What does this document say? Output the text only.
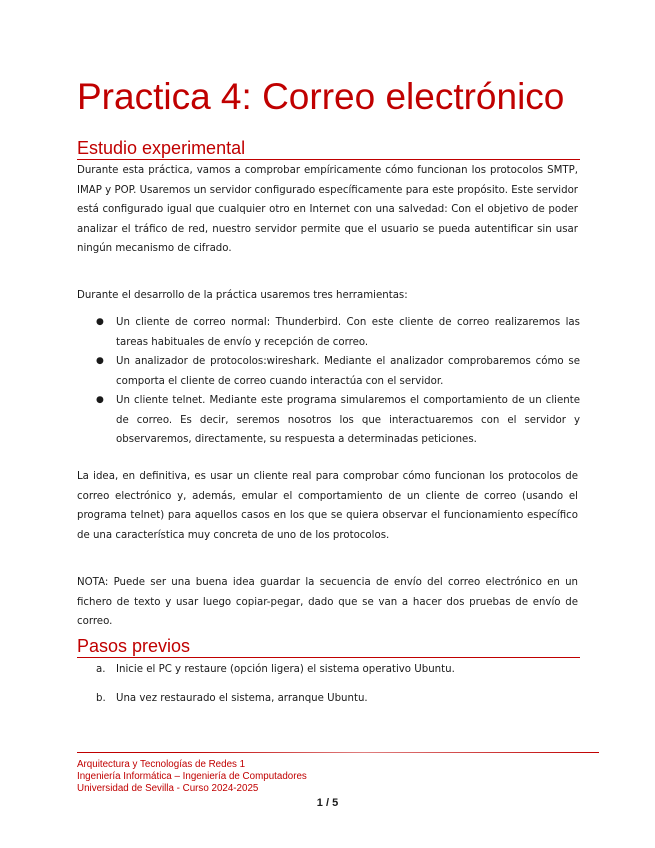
Practica 4: Correo electrónico
Estudio experimental

Durante esta práctica, vamos a comprobar empíricamente cómo funcionan los protocolos SMTP, IMAP y POP. Usaremos un servidor configurado específicamente para este propósito. Este servidor está configurado igual que cualquier otro en Internet con una salvedad: Con el objetivo de poder analizar el tráfico de red, nuestro servidor permite que el usuario se pueda autentificar sin usar ningún mecanismo de cifrado.

Durante el desarrollo de la práctica usaremos tres herramientas:

● Un cliente de correo normal: Thunderbird. Con este cliente de correo realizaremos las tareas habituales de envío y recepción de correo.
● Un analizador de protocolos:wireshark. Mediante el analizador comprobaremos cómo se comporta el cliente de correo cuando interactúa con el servidor.
● Un cliente telnet. Mediante este programa simularemos el comportamiento de un cliente de correo. Es decir, seremos nosotros los que interactuaremos con el servidor y observaremos, directamente, su respuesta a determinadas peticiones.

La idea, en definitiva, es usar un cliente real para comprobar cómo funcionan los protocolos de correo electrónico y, además, emular el comportamiento de un cliente de correo (usando el programa telnet) para aquellos casos en los que se quiera observar el funcionamiento específico de una característica muy concreta de uno de los protocolos.

NOTA: Puede ser una buena idea guardar la secuencia de envío del correo electrónico en un fichero de texto y usar luego copiar-pegar, dado que se van a hacer dos pruebas de envío de correo.

Pasos previos
a. Inicie el PC y restaure (opción ligera) el sistema operativo Ubuntu.
b. Una vez restaurado el sistema, arranque Ubuntu.
Arquitectura y Tecnologías de Redes 1
Ingeniería Informática – Ingeniería de Computadores
Universidad de Sevilla - Curso 2024-2025
1 / 5
